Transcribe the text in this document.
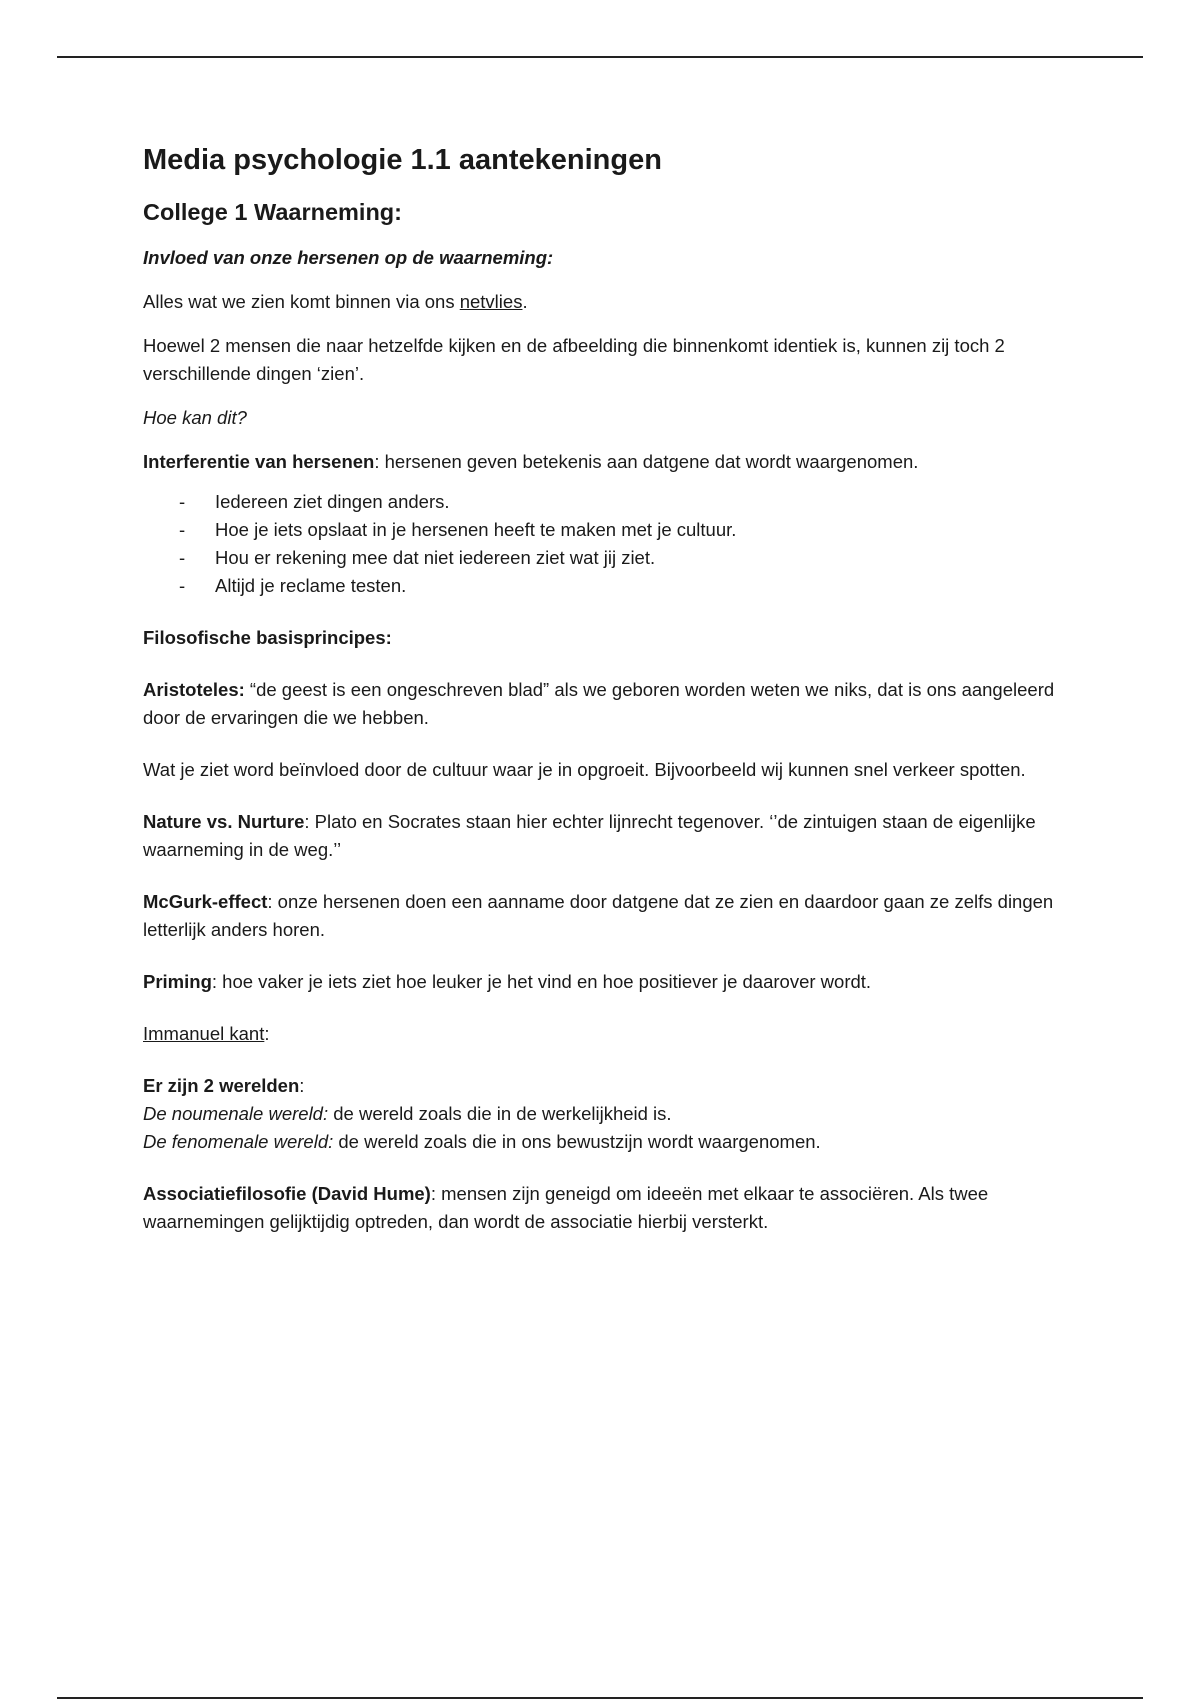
Media psychologie 1.1 aantekeningen

College 1 Waarneming:

Invloed van onze hersenen op de waarneming:

Alles wat we zien komt binnen via ons netvlies.

Hoewel 2 mensen die naar hetzelfde kijken en de afbeelding die binnenkomt identiek is, kunnen zij toch 2 verschillende dingen ‘zien’.

Hoe kan dit?

Interferentie van hersenen: hersenen geven betekenis aan datgene dat wordt waargenomen.

- Iedereen ziet dingen anders.
- Hoe je iets opslaat in je hersenen heeft te maken met je cultuur.
- Hou er rekening mee dat niet iedereen ziet wat jij ziet.
- Altijd je reclame testen.

Filosofische basisprincipes:

Aristoteles: “de geest is een ongeschreven blad” als we geboren worden weten we niks, dat is ons aangeleerd door de ervaringen die we hebben.

Wat je ziet word beïnvloed door de cultuur waar je in opgroeit. Bijvoorbeeld wij kunnen snel verkeer spotten.

Nature vs. Nurture: Plato en Socrates staan hier echter lijnrecht tegenover. ‘’de zintuigen staan de eigenlijke waarneming in de weg.’’

McGurk-effect: onze hersenen doen een aanname door datgene dat ze zien en daardoor gaan ze zelfs dingen letterlijk anders horen.

Priming: hoe vaker je iets ziet hoe leuker je het vind en hoe positiever je daarover wordt.

Immanuel kant:

Er zijn 2 werelden:
De noumenale wereld: de wereld zoals die in de werkelijkheid is.
De fenomenale wereld: de wereld zoals die in ons bewustzijn wordt waargenomen.

Associatiefilosofie (David Hume): mensen zijn geneigd om ideeën met elkaar te associëren. Als twee waarnemingen gelijktijdig optreden, dan wordt de associatie hierbij versterkt.
